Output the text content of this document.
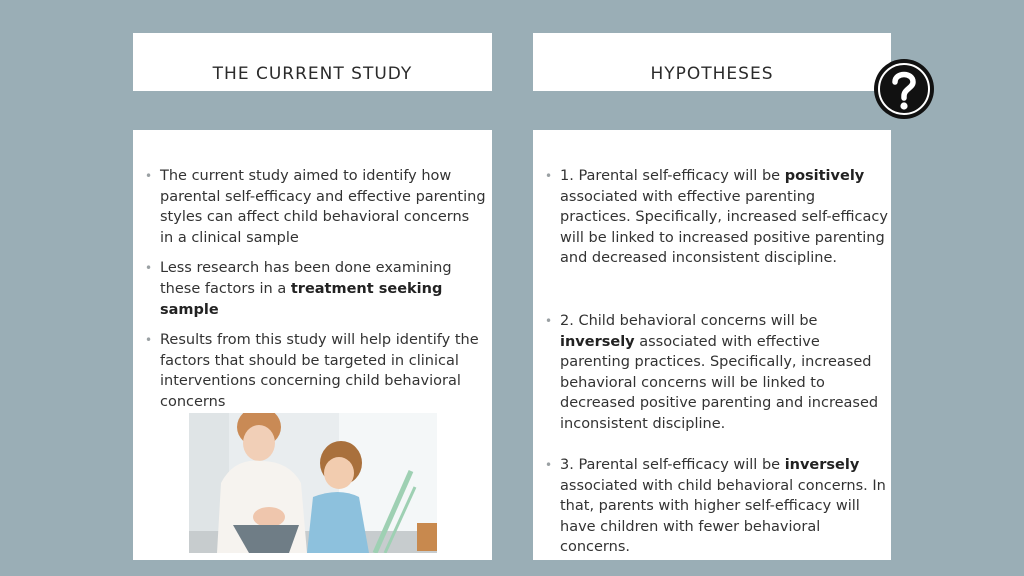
THE CURRENT STUDY	HYPOTHESES
• The current study aimed to identify how parental self-efficacy and effective parenting styles can affect child behavioral concerns in a clinical sample
• Less research has been done examining these factors in a treatment seeking sample
• Results from this study will help identify the factors that should be targeted in clinical interventions concerning child behavioral concerns
• 1. Parental self-efficacy will be positively associated with effective parenting practices. Specifically, increased self-efficacy will be linked to increased positive parenting and decreased inconsistent discipline.
• 2. Child behavioral concerns will be inversely associated with effective parenting practices. Specifically, increased behavioral concerns will be linked to decreased positive parenting and increased inconsistent discipline.
• 3. Parental self-efficacy will be inversely associated with child behavioral concerns. In that, parents with higher self-efficacy will have children with fewer behavioral concerns.
